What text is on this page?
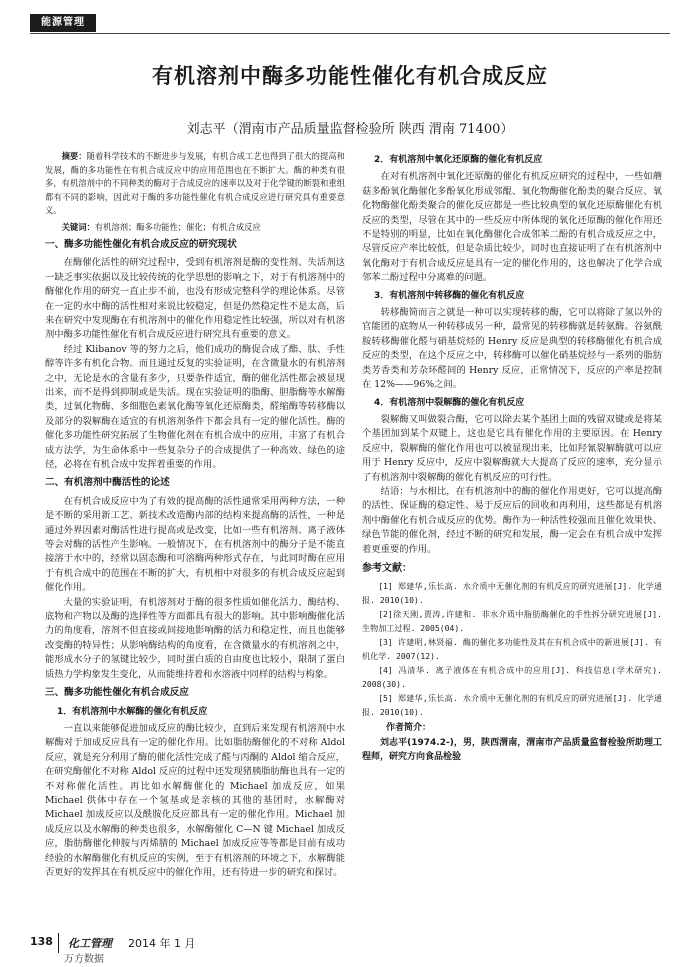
能源管理
有机溶剂中酶多功能性催化有机合成反应
刘志平（渭南市产品质量监督检验所 陕西 渭南 71400）

摘要：随着科学技术的不断进步与发展，有机合成工艺也得到了很大的提高和发展，酶的多功能性在有机合成反应中的应用范围也在不断扩大。酶的种类有很多，有机溶剂中的不同种类的酶对于合成反应的速率以及对于化学键的断裂和重组都有不同的影响，因此对于酶的多功能性催化有机合成反应进行研究具有重要意义。

关键词：有机溶剂；酶多功能性；催化；有机合成反应

一、酶多功能性催化有机合成反应的研究现状

在酶催化活性的研究过程中，受到有机溶剂是酶的变性剂、失活剂这一缺乏事实依据以及比较传统的化学思想的影响之下，对于有机溶剂中的酶催化作用的研究一直止步不前，也没有形成完整科学的理论体系。尽管在一定的水中酶的活性相对来说比较稳定，但是仍然稳定性不是太高，后来在研究中发现酶在有机溶剂中的催化作用稳定性比较强，所以对有机溶剂中酶多功能性催化有机合成反应进行研究具有重要的意义。

经过 Klibanov 等的努力之后，他们成功的酶促合成了酯、肽、手性醇等许多有机化合物。而且通过反复的实验证明，在含微量水的有机溶剂之中，无论是水的含量有多少，只要条件适宜，酶的催化活性都会被显现出来，而不是得到抑制或是失活。现在实验证明的脂酶、胆脂酶等水解酶类，过氧化物酶、多细胞色素氧化酶等氧化还原酶类，醛缩酶等转移酶以及部分的裂解酶在适宜的有机溶剂条件下都会具有一定的催化活性。酶的催化多功能性研究拓展了生物催化剂在有机合成中的应用，丰富了有机合成方法学，为生命体系中一些复杂分子的合成提供了一种高效、绿色的途径，必将在有机合成中发挥着重要的作用。

二、有机溶剂中酶活性的论述

在有机合成反应中为了有效的提高酶的活性通常采用两种方法，一种是不断的采用新工艺、新技术改造酶内部的结构来提高酶的活性，一种是通过外界因素对酶活性进行提高或是改变，比如一些有机溶剂、离子液体等会对酶的活性产生影响。一般情况下，在有机溶剂中的酶分子是不能直接溶于水中的，经常以固态酶和可溶酶两种形式存在，与此同时酶在应用于有机合成中的范围在不断的扩大，有机相中对很多的有机合成反应起到催化作用。

大量的实验证明，有机溶剂对于酶的很多性质如催化活力、酶结构、底物和产物以及酶的选择性等方面都具有很大的影响。其中影响酶催化活力的角度看，溶剂不但直接或间接地影响酶的活力和稳定性，而且也能够改变酶的特异性；从影响酶结构的角度看，在含微量水的有机溶剂之中，能形成水分子的氢键比较少，同时蛋白质的自由度也比较小，限制了蛋白质热力学构象发生变化，从而能维持着和水溶液中同样的结构与构象。

三、酶多功能性催化有机合成反应
1．有机溶剂中水解酶的催化有机反应

一直以来能够促进加成反应的酶比较少，直到后来发现有机溶剂中水解酶对于加成反应具有一定的催化作用。比如脂肪酶催化的不对称 Aldol 反应，就是充分利用了酶的催化活性完成了醛与丙酮的 Aldol 缩合反应，在研究酶催化不对称 Aldol 反应的过程中还发现猪胰脂肪酶也具有一定的不对称催化活性。再比如水解酶催化的 Michael 加成反应，如果 Michael 供体中存在一个氢基或是亲核的其他的基团时，水解酶对 Michael 加成反应以及酰胺化反应都具有一定的催化作用。Michael 加成反应以及水解酶的种类也很多，水解酶催化 C—N 键 Michael 加成反应，脂肪酶催化伸胺与丙烯腈的 Michael 加成反应等等都是目前有成功经验的水解酶催化有机反应的实例，至于有机溶剂的环境之下，水解酶能否更好的发挥其在有机反应中的催化作用，还有待进一步的研究和探讨。

2．有机溶剂中氧化还原酶的催化有机反应

在对有机溶剂中氧化还原酶的催化有机反应研究的过程中，一些如蘑菇多酚氧化酶催化多酚氧化形成邻醌、氧化物酶催化酚类的聚合反应、氧化物酶催化酚类聚合的催化反应都是一些比较典型的氧化还原酶催化有机反应的类型，尽管在其中的一些反应中所体现的氧化还原酶的催化作用还不是特别的明显，比如在氧化酶催化合成邻苯二酚的有机合成反应之中，尽管反应产率比较低，但是杂质比较少，同时也直接证明了在有机溶剂中氧化酶对于有机合成反应是具有一定的催化作用的，这也解决了化学合成邻苯二酚过程中分离难的问题。

3．有机溶剂中转移酶的催化有机反应

转移酶简而言之就是一种可以实现转移的酶，它可以将除了氢以外的官能团的底物从一种转移成另一种，最常见的转移酶就是转氨酶。谷氨酰胺转移酶催化醛与硝基烷烃的 Henry 反应是典型的转移酶催化有机合成反应的类型，在这个反应之中，转移酶可以催化硝基烷烃与一系列的脂肪类芳香类和芳杂环醛间的 Henry 反应，正常情况下，反应的产率是控制在 12%——96%之间。

4．有机溶剂中裂解酶的催化有机反应

裂解酶又叫做裂合酶，它可以除去某个基团上面的残留双键或是将某个基团加到某个双键上，这也是它具有催化作用的主要原因。在 Henry 反应中，裂解酶的催化作用也可以被显现出来，比如羟氰裂解酶就可以应用于 Henry 反应中，反应中裂解酶就大大提高了反应的速率，充分显示了有机溶剂中裂解酶的催化有机反应的可行性。

结语：与水相比，在有机溶剂中的酶的催化作用更好，它可以提高酶的活性、保证酶的稳定性、易于反应后的回收和再利用，这些都是有机溶剂中酶催化有机合成反应的优势。酶作为一种活性较强而且催化效果快、绿色节能的催化剂，经过不断的研究和发展，酶一定会在有机合成中发挥着更重要的作用。

参考文献：

[1] 郑建华,乐长高. 水介质中无催化剂的有机反应的研究进展[J]. 化学通报. 2010(10).

[2]徐天刚,贾涛,许建和. 非水介质中脂肪酶催化的手性拆分研究进展[J]. 生物加工过程. 2005(04).

[3] 许建明,林贤福. 酶的催化多功能性及其在有机合成中的新进展[J]. 有机化学. 2007(12).

[4] 冯清华. 离子液体在有机合成中的应用[J]. 科技信息(学术研究). 2008(30).

[5] 郑建华,乐长高. 水介质中无催化剂的有机反应的研究进展[J]. 化学通报. 2010(10).

作者简介：

刘志平(1974.2-)，男，陕西渭南，渭南市产品质量监督检验所助理工程师，研究方向食品检验

138 化工管理 2014 年 1 月
万方数据
